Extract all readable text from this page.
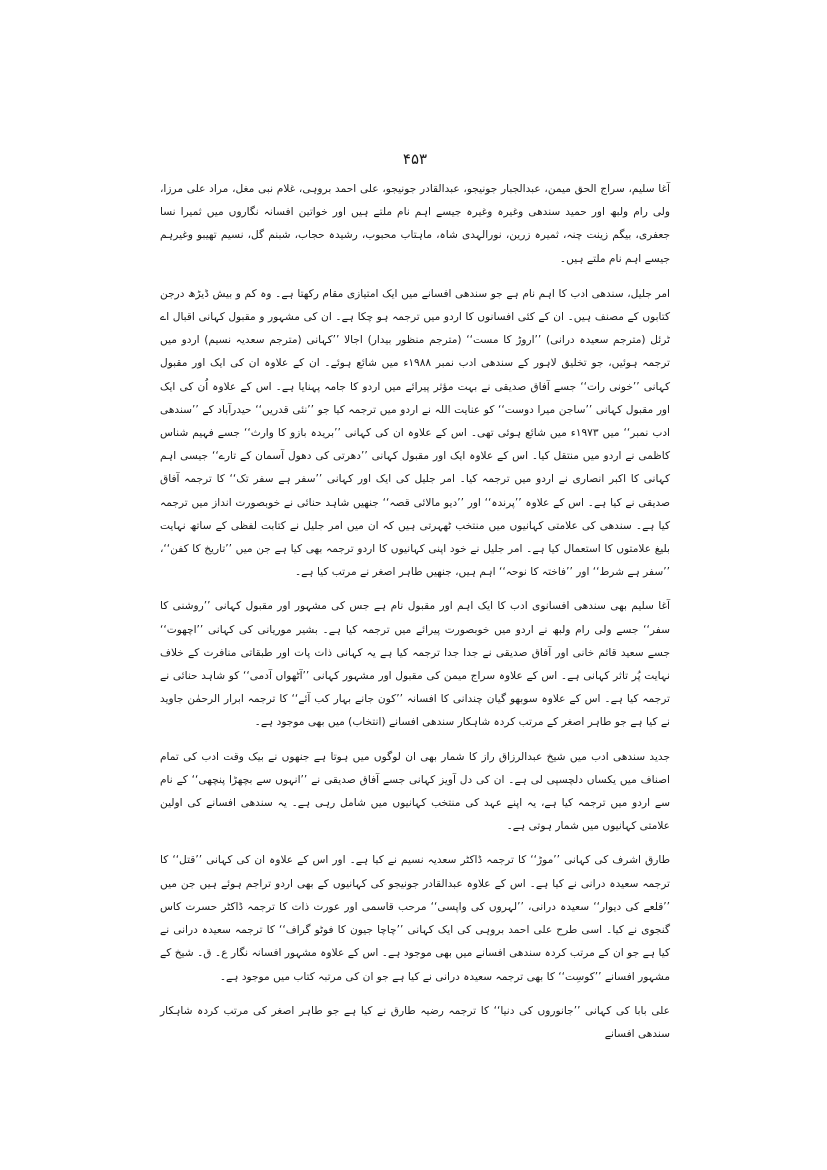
۴۵۳

آغا سلیم، سراج الحق میمن، عبدالجبار جونیجو، عبدالقادر جونیجو، علی احمد بروہی، غلام نبی مغل، مراد علی مرزا، ولی رام ولبھ اور حمید سندھی وغیرہ وغیرہ جیسے اہم نام ملتے ہیں اور خواتین افسانہ نگاروں میں ثمیرا نسا جعفری، بیگم زینت چنہ، ثمیرہ زرین، نورالہدی شاہ، ماہتاب محبوب، رشیدہ حجاب، شبنم گل، نسیم تھیبو وغیرہم جیسے اہم نام ملتے ہیں۔

امر جلیل، سندھی ادب کا اہم نام ہے جو سندھی افسانے میں ایک امتیازی مقام رکھتا ہے۔ وہ کم و بیش ڈیڑھ درجن کتابوں کے مصنف ہیں۔ ان کے کئی افسانوں کا اردو میں ترجمہ ہو چکا ہے۔ ان کی مشہور و مقبول کہانی اقبال اے ٹرئل (مترجم سعیدہ درانی) ’’اروڑ کا مست‘‘ (مترجم منظور بیدار) اجالا ’’کہانی (مترجم سعدیہ نسیم) اردو میں ترجمہ ہوئیں، جو تخلیق لاہور کے سندھی ادب نمبر ۱۹۸۸ء میں شائع ہوئے۔ ان کے علاوہ ان کی ایک اور مقبول کہانی ’’خونی رات‘‘ جسے آفاق صدیقی نے بہت مؤثر پیرائے میں اردو کا جامہ پہنایا ہے۔ اس کے علاوہ اُن کی ایک اور مقبول کہانی ’’ساجن میرا دوست‘‘ کو عنایت اللہ نے اردو میں ترجمہ کیا جو ’’نئی قدریں‘‘ حیدرآباد کے ’’سندھی ادب نمبر‘‘ میں ۱۹۷۳ء میں شائع ہوئی تھی۔ اس کے علاوہ ان کی کہانی ’’بریدہ بازو کا وارث‘‘ جسے فہیم شناس کاظمی نے اردو میں منتقل کیا۔ اس کے علاوہ ایک اور مقبول کہانی ’’دھرتی کی دھول آسمان کے تارے‘‘ جیسی اہم کہانی کا اکبر انصاری نے اردو میں ترجمہ کیا۔ امر جلیل کی ایک اور کہانی ’’سفر ہے سفر تک‘‘ کا ترجمہ آفاق صدیقی نے کیا ہے۔ اس کے علاوہ ’’پرندہ‘‘ اور ’’دیو مالائی قصہ‘‘ جنھیں شاہد حنائی نے خوبصورت انداز میں ترجمہ کیا ہے۔ سندھی کی علامتی کہانیوں میں منتخب ٹھہرتی ہیں کہ ان میں امر جلیل نے کتابت لفظی کے ساتھ نہایت بلیغ علامتوں کا استعمال کیا ہے۔ امر جلیل نے خود اپنی کہانیوں کا اردو ترجمہ بھی کیا ہے جن میں ’’تاریخ کا کفن‘‘، ’’سفر ہے شرط‘‘ اور ’’فاختہ کا نوحہ‘‘ اہم ہیں، جنھیں طاہر اصغر نے مرتب کیا ہے۔

آغا سلیم بھی سندھی افسانوی ادب کا ایک اہم اور مقبول نام ہے جس کی مشہور اور مقبول کہانی ’’روشنی کا سفر‘‘ جسے ولی رام ولبھ نے اردو میں خوبصورت پیرائے میں ترجمہ کیا ہے۔ بشیر موریانی کی کہانی ’’اچھوت‘‘ جسے سعید قائم خانی اور آفاق صدیقی نے جدا جدا ترجمہ کیا ہے یہ کہانی ذات پات اور طبقاتی منافرت کے خلاف نہایت پُر تاثر کہانی ہے۔ اس کے علاوہ سراج میمن کی مقبول اور مشہور کہانی ’’آٹھواں آدمی‘‘ کو شاہد حنائی نے ترجمہ کیا ہے۔ اس کے علاوہ سوبھو گیان چندانی کا افسانہ ’’کون جانے بہار کب آئے‘‘ کا ترجمہ ابرار الرحمٰن جاوید نے کیا ہے جو طاہر اصغر کے مرتب کردہ شاہکار سندھی افسانے (انتخاب) میں بھی موجود ہے۔

جدید سندھی ادب میں شیخ عبدالرزاق راز کا شمار بھی ان لوگوں میں ہوتا ہے جنھوں نے بیک وقت ادب کی تمام اصناف میں یکساں دلچسپی لی ہے۔ ان کی دل آویز کہانی جسے آفاق صدیقی نے ’’انہوں سے بچھڑا پنچھی‘‘ کے نام سے اردو میں ترجمہ کیا ہے، یہ اپنے عہد کی منتخب کہانیوں میں شامل رہی ہے۔ یہ سندھی افسانے کی اولین علامتی کہانیوں میں شمار ہوتی ہے۔

طارق اشرف کی کہانی ’’موڑ‘‘ کا ترجمہ ڈاکٹر سعدیہ نسیم نے کیا ہے۔ اور اس کے علاوہ ان کی کہانی ’’قتل‘‘ کا ترجمہ سعیدہ درانی نے کیا ہے۔ اس کے علاوہ عبدالقادر جونیجو کی کہانیوں کے بھی اردو تراجم ہوئے ہیں جن میں ’’قلعے کی دیوار‘‘ سعیدہ درانی، ’’لہروں کی واپسی‘‘ مرحب قاسمی اور عورت ذات کا ترجمہ ڈاکٹر حسرت کاس گنجوی نے کیا۔ اسی طرح علی احمد بروہی کی ایک کہانی ’’چاچا جیون کا فوٹو گراف‘‘ کا ترجمہ سعیدہ درانی نے کیا ہے جو ان کے مرتب کردہ سندھی افسانے میں بھی موجود ہے۔ اس کے علاوہ مشہور افسانہ نگار ع۔ ق۔ شیخ کے مشہور افسانے ’’کوسِت‘‘ کا بھی ترجمہ سعیدہ درانی نے کیا ہے جو ان کی مرتبہ کتاب میں موجود ہے۔

علی بابا کی کہانی ’’جانوروں کی دنیا‘‘ کا ترجمہ رضیہ طارق نے کیا ہے جو طاہر اصغر کی مرتب کردہ شاہکار سندھی افسانے
